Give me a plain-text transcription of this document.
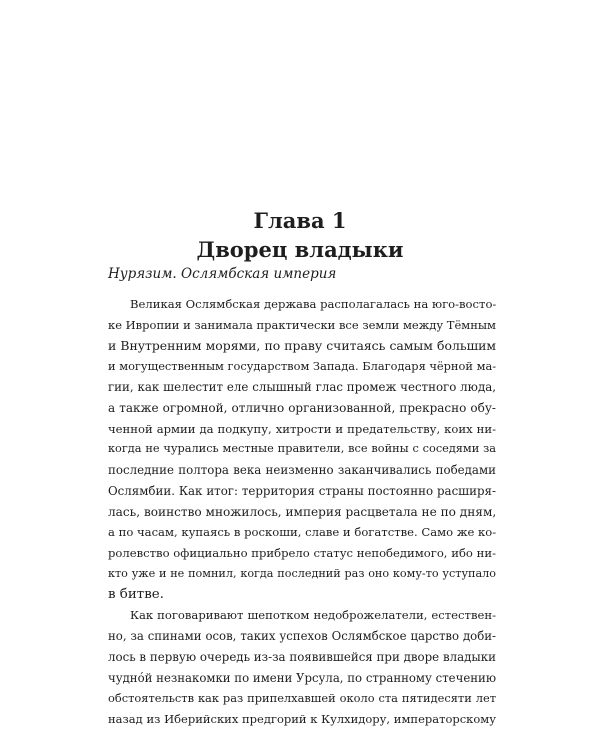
Глава 1
Дворец владыки
Нурязим. Ослямбская империя
Великая Ослямбская держава располагалась на юго-восто-
ке Иврoпии и занимала практически все земли между Тёмным
и Внутренним морями, по праву считаясь самым большим
и могущественным государством Запада. Благодаря чёрной ма-
гии, как шелестит еле слышный глас промеж честного люда,
а также огромной, отлично организованной, прекрасно обу-
ченной армии да подкупу, хитрости и предательству, коих ни-
когда не чурались местные правители, все войны с соседями за
последние полтора века неизменно заканчивались победами
Ослямбии. Как итог: территория страны постоянно расширя-
лась, воинство множилось, империя расцветала не по дням,
а по часам, купаясь в роскоши, славе и богатстве. Само же ко-
ролевство официально прибрело статус непобедимого, ибо ни-
кто уже и не помнил, когда последний раз оно кому-то уступало
в битве.
Как поговаривают шепотком недоброжелатели, естествен-
но, за спинами осов, таких успехов Ослямбское царство доби-
лось в первую очередь из-за появившейся при дворе владыки
чуднóй незнакомки по имени Урсула, по странному стечению
обстоятельств как раз припелхавшей около ста пятидесяти лет
назад из Иберийских предгорий к Кулхидору, императорскому
